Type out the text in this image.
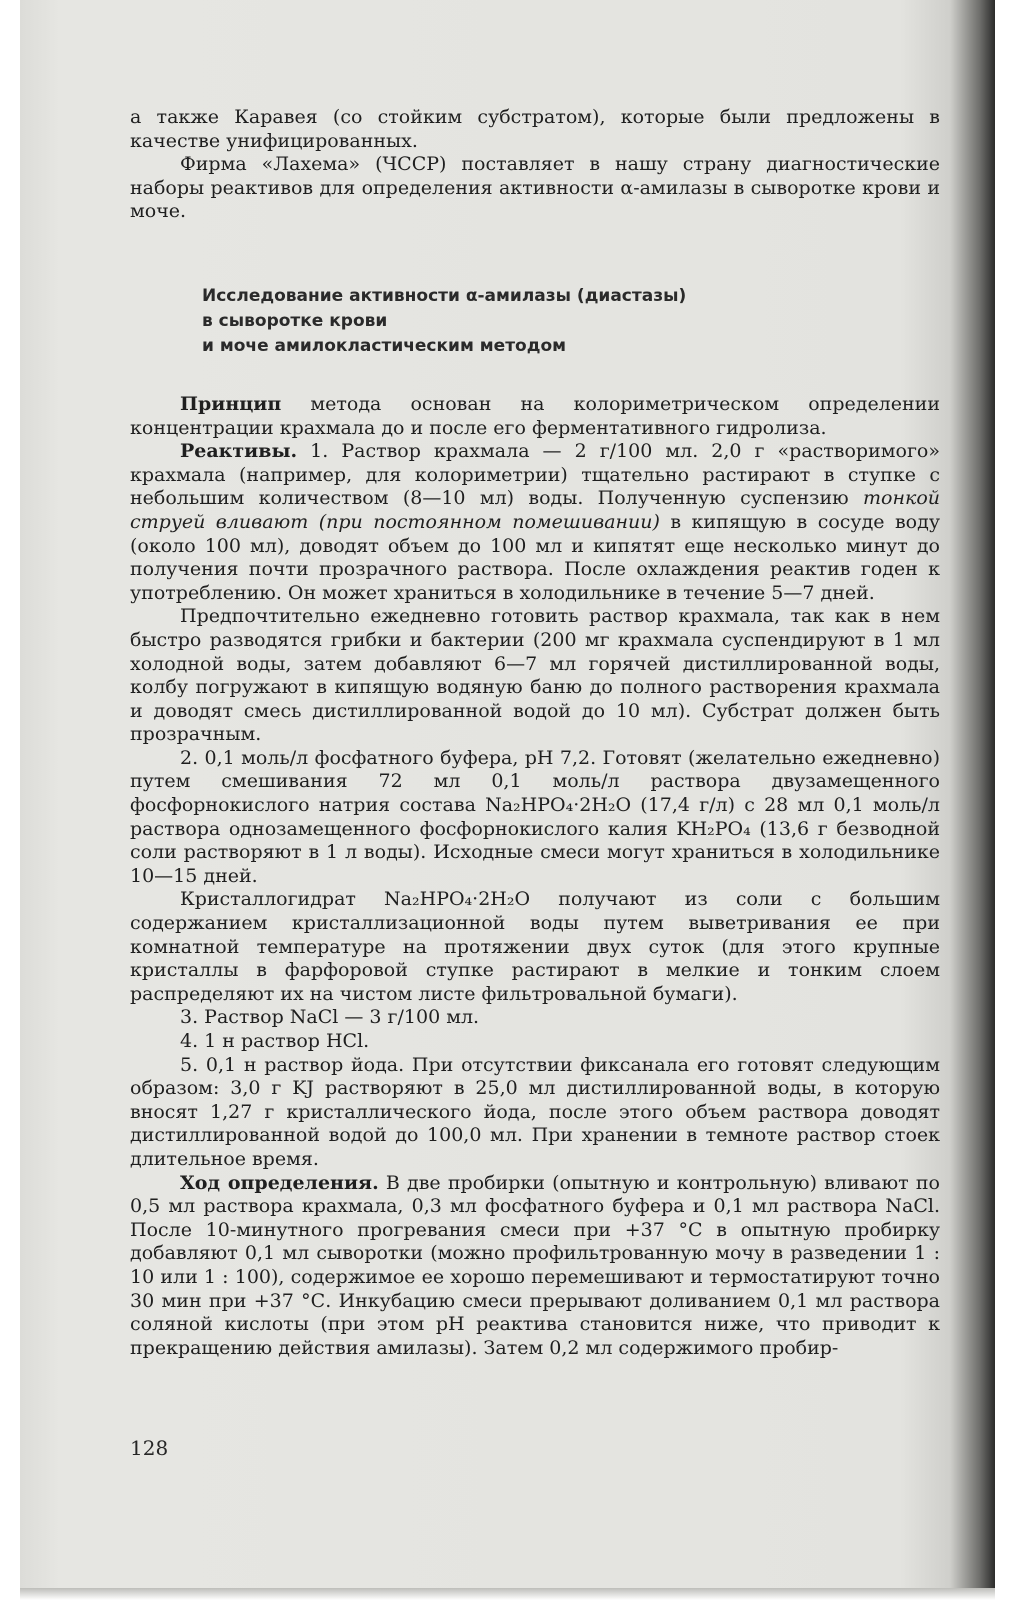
а также Каравея (со стойким субстратом), которые были предложены в качестве унифицированных.

Фирма «Лахема» (ЧССР) поставляет в нашу страну диагностические наборы реактивов для определения активности α-амилазы в сыворотке крови и моче.

Исследование активности α-амилазы (диастазы)
в сыворотке крови
и моче амилокластическим методом

Принцип метода основан на колориметрическом определении концентрации крахмала до и после его ферментативного гидролиза.

Реактивы. 1. Раствор крахмала — 2 г/100 мл. 2,0 г «растворимого» крахмала (например, для колориметрии) тщательно растирают в ступке с небольшим количеством (8—10 мл) воды. Полученную суспензию тонкой струей вливают (при постоянном помешивании) в кипящую в сосуде воду (около 100 мл), доводят объем до 100 мл и кипятят еще несколько минут до получения почти прозрачного раствора. После охлаждения реактив годен к употреблению. Он может храниться в холодильнике в течение 5—7 дней.

Предпочтительно ежедневно готовить раствор крахмала, так как в нем быстро разводятся грибки и бактерии (200 мг крахмала суспендируют в 1 мл холодной воды, затем добавляют 6—7 мл горячей дистиллированной воды, колбу погружают в кипящую водяную баню до полного растворения крахмала и доводят смесь дистиллированной водой до 10 мл). Субстрат должен быть прозрачным.

2. 0,1 моль/л фосфатного буфера, pH 7,2. Готовят (желательно ежедневно) путем смешивания 72 мл 0,1 моль/л раствора двузамещенного фосфорнокислого натрия состава Na₂HPO₄·2H₂O (17,4 г/л) с 28 мл 0,1 моль/л раствора однозамещенного фосфорнокислого калия KH₂PO₄ (13,6 г безводной соли растворяют в 1 л воды). Исходные смеси могут храниться в холодильнике 10—15 дней.

Кристаллогидрат Na₂HPO₄·2H₂O получают из соли с большим содержанием кристаллизационной воды путем выветривания ее при комнатной температуре на протяжении двух суток (для этого крупные кристаллы в фарфоровой ступке растирают в мелкие и тонким слоем распределяют их на чистом листе фильтровальной бумаги).

3. Раствор NaCl — 3 г/100 мл.

4. 1 н раствор HCl.

5. 0,1 н раствор йода. При отсутствии фиксанала его готовят следующим образом: 3,0 г KJ растворяют в 25,0 мл дистиллированной воды, в которую вносят 1,27 г кристаллического йода, после этого объем раствора доводят дистиллированной водой до 100,0 мл. При хранении в темноте раствор стоек длительное время.

Ход определения. В две пробирки (опытную и контрольную) вливают по 0,5 мл раствора крахмала, 0,3 мл фосфатного буфера и 0,1 мл раствора NaCl. После 10-минутного прогревания смеси при +37 °С в опытную пробирку добавляют 0,1 мл сыворотки (можно профильтрованную мочу в разведении 1 : 10 или 1 : 100), содержимое ее хорошо перемешивают и термостатируют точно 30 мин при +37 °С. Инкубацию смеси прерывают доливанием 0,1 мл раствора соляной кислоты (при этом pH реактива становится ниже, что приводит к прекращению действия амилазы). Затем 0,2 мл содержимого пробир-

128
